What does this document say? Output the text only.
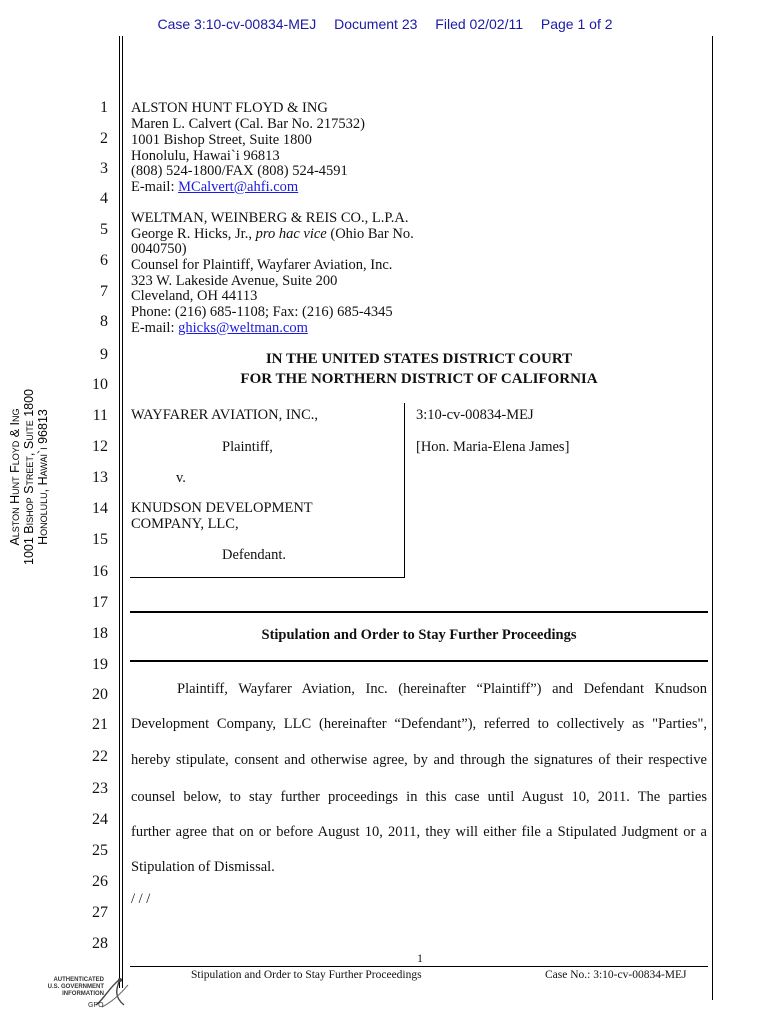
Case 3:10-cv-00834-MEJ Document 23 Filed 02/02/11 Page 1 of 2
1
2
3
4
5
6
7
8
9
10
11
12
13
14
15
16
17
18
19
20
21
22
23
24
25
26
27
28
Alston Hunt Floyd & Ing 1001 Bishop Street, Suite 1800 Honolulu, Hawai`i 96813
ALSTON HUNT FLOYD & ING
Maren L. Calvert (Cal. Bar No. 217532)
1001 Bishop Street, Suite 1800
Honolulu, Hawai`i 96813
(808) 524-1800/FAX (808) 524-4591
E-mail: MCalvert@ahfi.com
WELTMAN, WEINBERG & REIS CO., L.P.A.
George R. Hicks, Jr., pro hac vice (Ohio Bar No.
0040750)
Counsel for Plaintiff, Wayfarer Aviation, Inc.
323 W. Lakeside Avenue, Suite 200
Cleveland, OH 44113
Phone: (216) 685-1108; Fax: (216) 685-4345
E-mail: ghicks@weltman.com
IN THE UNITED STATES DISTRICT COURT
FOR THE NORTHERN DISTRICT OF CALIFORNIA
WAYFARER AVIATION, INC.,
Plaintiff,
v.
KNUDSON DEVELOPMENT
COMPANY, LLC,
Defendant.
3:10-cv-00834-MEJ
[Hon. Maria-Elena James]
Stipulation and Order to Stay Further Proceedings
Plaintiff, Wayfarer Aviation, Inc. (hereinafter “Plaintiff”) and Defendant Knudson
Development Company, LLC (hereinafter “Defendant”), referred to collectively as "Parties",
hereby stipulate, consent and otherwise agree, by and through the signatures of their respective
counsel below, to stay further proceedings in this case until August 10, 2011. The parties
further agree that on or before August 10, 2011, they will either file a Stipulated Judgment or a
Stipulation of Dismissal.
/ / /
1
Stipulation and Order to Stay Further Proceedings	Case No.: 3:10-cv-00834-MEJ
AUTHENTICATED
U.S. GOVERNMENT
INFORMATION
GPO
